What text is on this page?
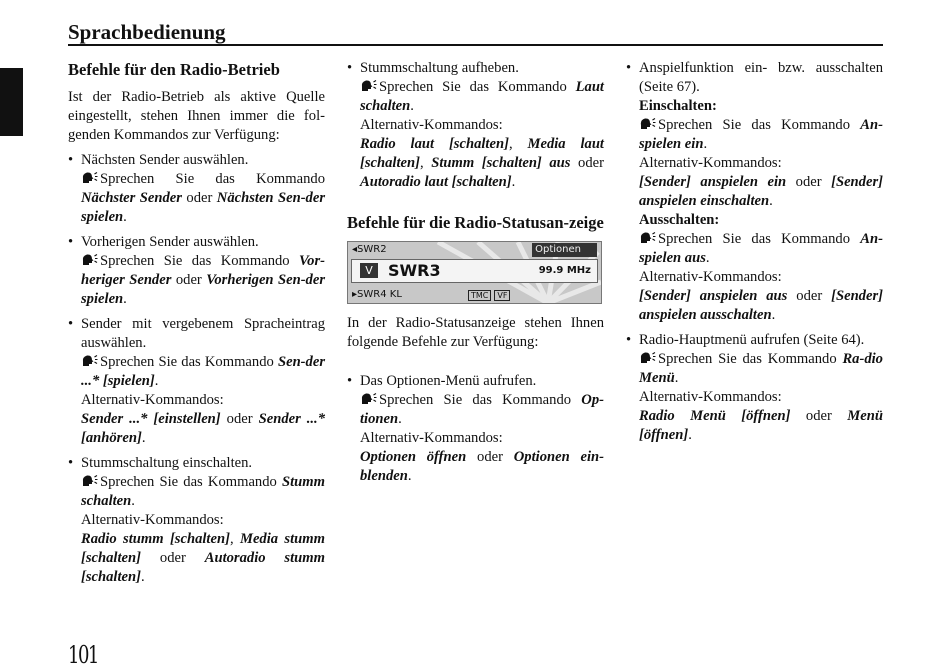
Sprachbedienung
Befehle für den Radio-Betrieb

Ist der Radio-Betrieb als aktive Quelle eingestellt, stehen Ihnen immer die fol-genden Kommandos zur Verfügung:

• Nächsten Sender auswählen.
Sprechen Sie das Kommando Nächster Sender oder Nächsten Sen-der spielen.
• Vorherigen Sender auswählen.
Sprechen Sie das Kommando Vor-heriger Sender oder Vorherigen Sen-der spielen.
• Sender mit vergebenem Spracheintrag auswählen.
Sprechen Sie das Kommando Sen-der ...* [spielen].
Alternativ-Kommandos:
Sender ...* [einstellen] oder Sender ...* [anhören].
• Stummschaltung einschalten.
Sprechen Sie das Kommando Stumm schalten.
Alternativ-Kommandos:
Radio stumm [schalten], Media stumm [schalten] oder Autoradio stumm [schalten].
• Stummschaltung aufheben.
Sprechen Sie das Kommando Laut schalten.
Alternativ-Kommandos:
Radio laut [schalten], Media laut [schalten], Stumm [schalten] aus oder Autoradio laut [schalten].
Befehle für die Radio-Statusan-zeige
◂SWR2	Optionen
V SWR3	99.9 MHz
▸SWR4 KL	TMC VF

In der Radio-Statusanzeige stehen Ihnen folgende Befehle zur Verfügung:

• Das Optionen-Menü aufrufen.
Sprechen Sie das Kommando Op-tionen.
Alternativ-Kommandos:
Optionen öffnen oder Optionen ein-blenden.
• Anspielfunktion ein- bzw. ausschalten (Seite 67).
Einschalten:
Sprechen Sie das Kommando An-spielen ein.
Alternativ-Kommandos:
[Sender] anspielen ein oder [Sender] anspielen einschalten.
Ausschalten:
Sprechen Sie das Kommando An-spielen aus.
Alternativ-Kommandos:
[Sender] anspielen aus oder [Sender] anspielen ausschalten.
• Radio-Hauptmenü aufrufen (Seite 64).
Sprechen Sie das Kommando Ra-dio Menü.
Alternativ-Kommandos:
Radio Menü [öffnen] oder Menü [öffnen].
101
